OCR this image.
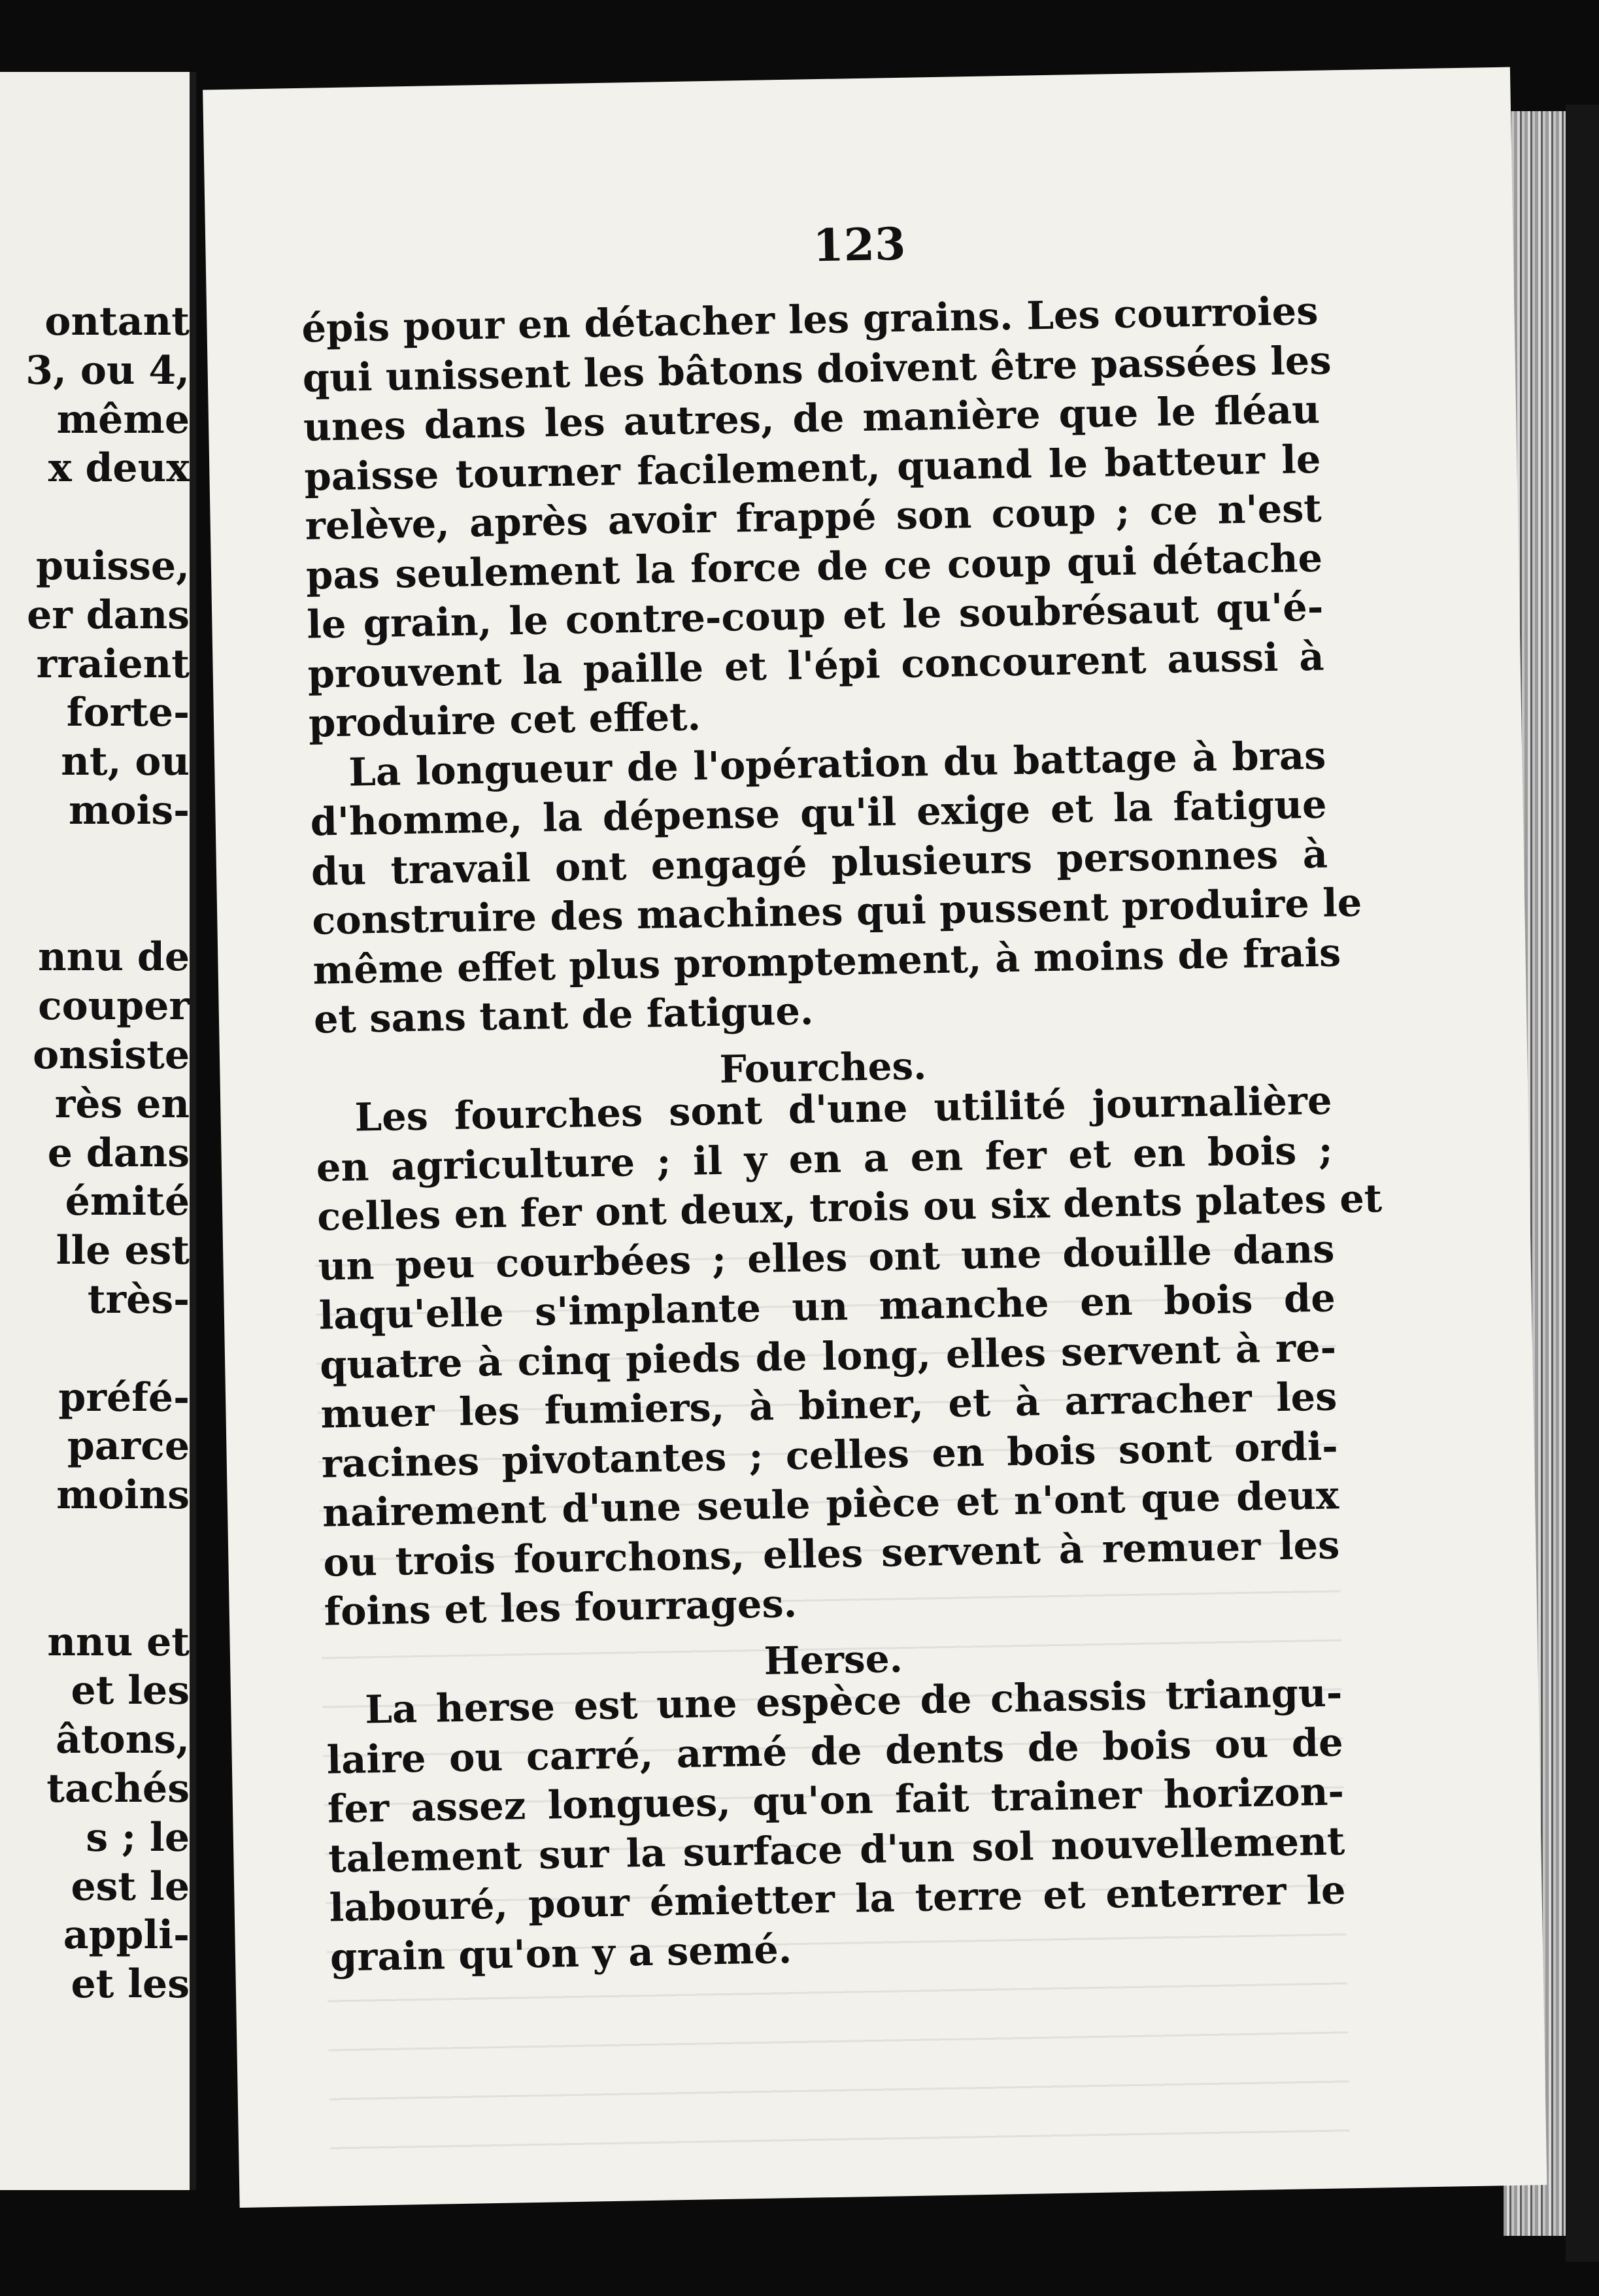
ontant
3, ou 4,
même
x deux
puisse,
er dans
rraient
forte-
nt, ou
mois-
nnu de
couper
onsiste
rès en
e dans
émité
lle est
très-
préfé-
parce
moins
nnu et
et les
âtons,
tachés
s ; le
est le
appli-
et les
123
épis pour en détacher les grains. Les courroies
qui unissent les bâtons doivent être passées les
unes dans les autres, de manière que le fléau
paisse tourner facilement, quand le batteur le
relève, après avoir frappé son coup ; ce n'est
pas seulement la force de ce coup qui détache
le grain, le contre-coup et le soubrésaut qu'é-
prouvent la paille et l'épi concourent aussi à
produire cet effet.
La longueur de l'opération du battage à bras
d'homme, la dépense qu'il exige et la fatigue
du travail ont engagé plusieurs personnes à
construire des machines qui pussent produire le
même effet plus promptement, à moins de frais
et sans tant de fatigue.
Fourches.
Les fourches sont d'une utilité journalière
en agriculture ; il y en a en fer et en bois ;
celles en fer ont deux, trois ou six dents plates et
un peu courbées ; elles ont une douille dans
laqu'elle s'implante un manche en bois de
quatre à cinq pieds de long, elles servent à re-
muer les fumiers, à biner, et à arracher les
racines pivotantes ; celles en bois sont ordi-
nairement d'une seule pièce et n'ont que deux
ou trois fourchons, elles servent à remuer les
foins et les fourrages.
Herse.
La herse est une espèce de chassis triangu-
laire ou carré, armé de dents de bois ou de
fer assez longues, qu'on fait trainer horizon-
talement sur la surface d'un sol nouvellement
labouré, pour émietter la terre et enterrer le
grain qu'on y a semé.
